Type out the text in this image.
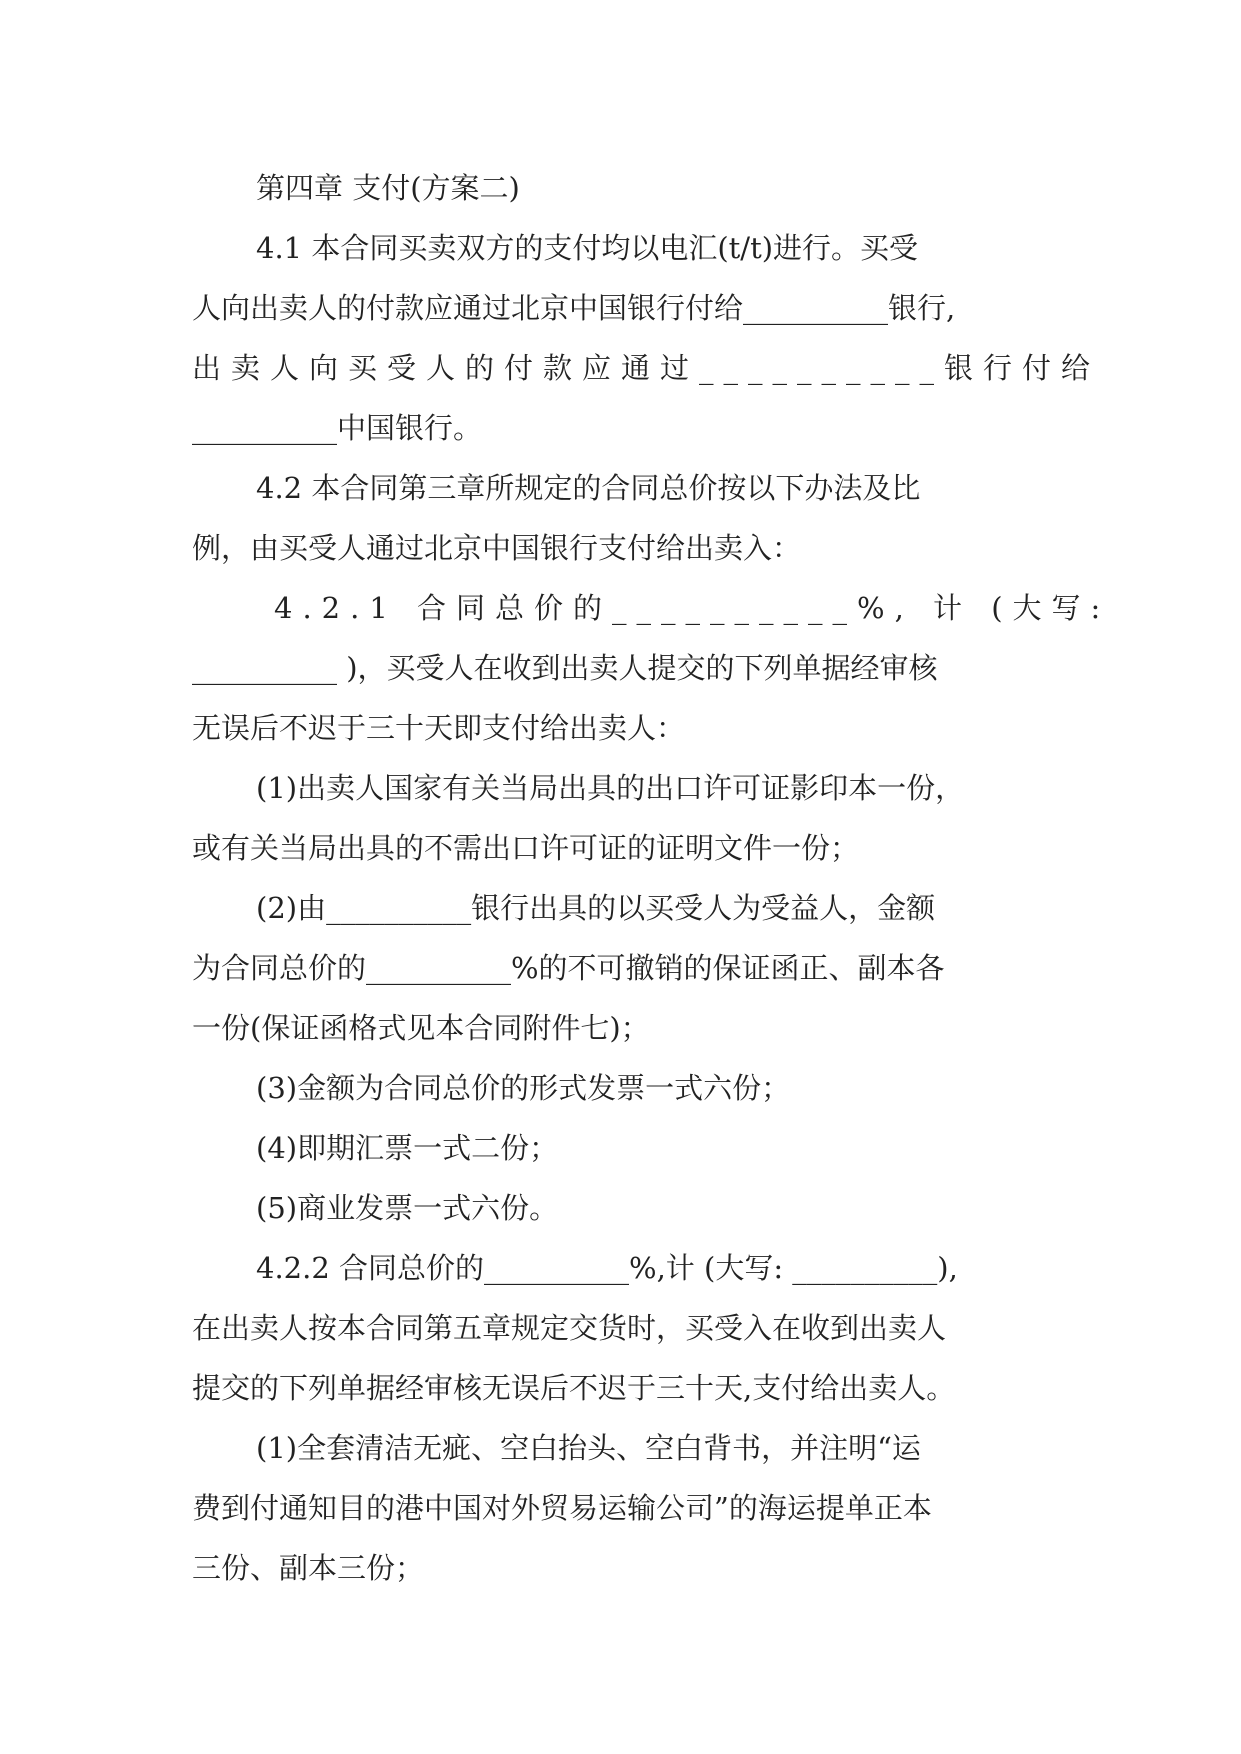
第四章 支付(方案二)
4.1 本合同买卖双方的支付均以电汇(t/t)进行。买受
人向出卖人的付款应通过北京中国银行付给__________银行,
出卖人向买受人的付款应通过__________银行付给
__________中国银行。
4.2 本合同第三章所规定的合同总价按以下办法及比
例，由买受人通过北京中国银行支付给出卖入：
4.2.1 合同总价的__________%, 计 (大写:
__________ )，买受人在收到出卖人提交的下列单据经审核
无误后不迟于三十天即支付给出卖人：
(1)出卖人国家有关当局出具的出口许可证影印本一份，
或有关当局出具的不需出口许可证的证明文件一份；
(2)由__________银行出具的以买受人为受益人，金额
为合同总价的__________%的不可撤销的保证函正、副本各
一份(保证函格式见本合同附件七)；
(3)金额为合同总价的形式发票一式六份；
(4)即期汇票一式二份；
(5)商业发票一式六份。
4.2.2 合同总价的__________%,计 (大写: __________),
在出卖人按本合同第五章规定交货时，买受入在收到出卖人
提交的下列单据经审核无误后不迟于三十天,支付给出卖人。
(1)全套清洁无疵、空白抬头、空白背书，并注明“运
费到付通知目的港中国对外贸易运输公司”的海运提单正本
三份、副本三份；
